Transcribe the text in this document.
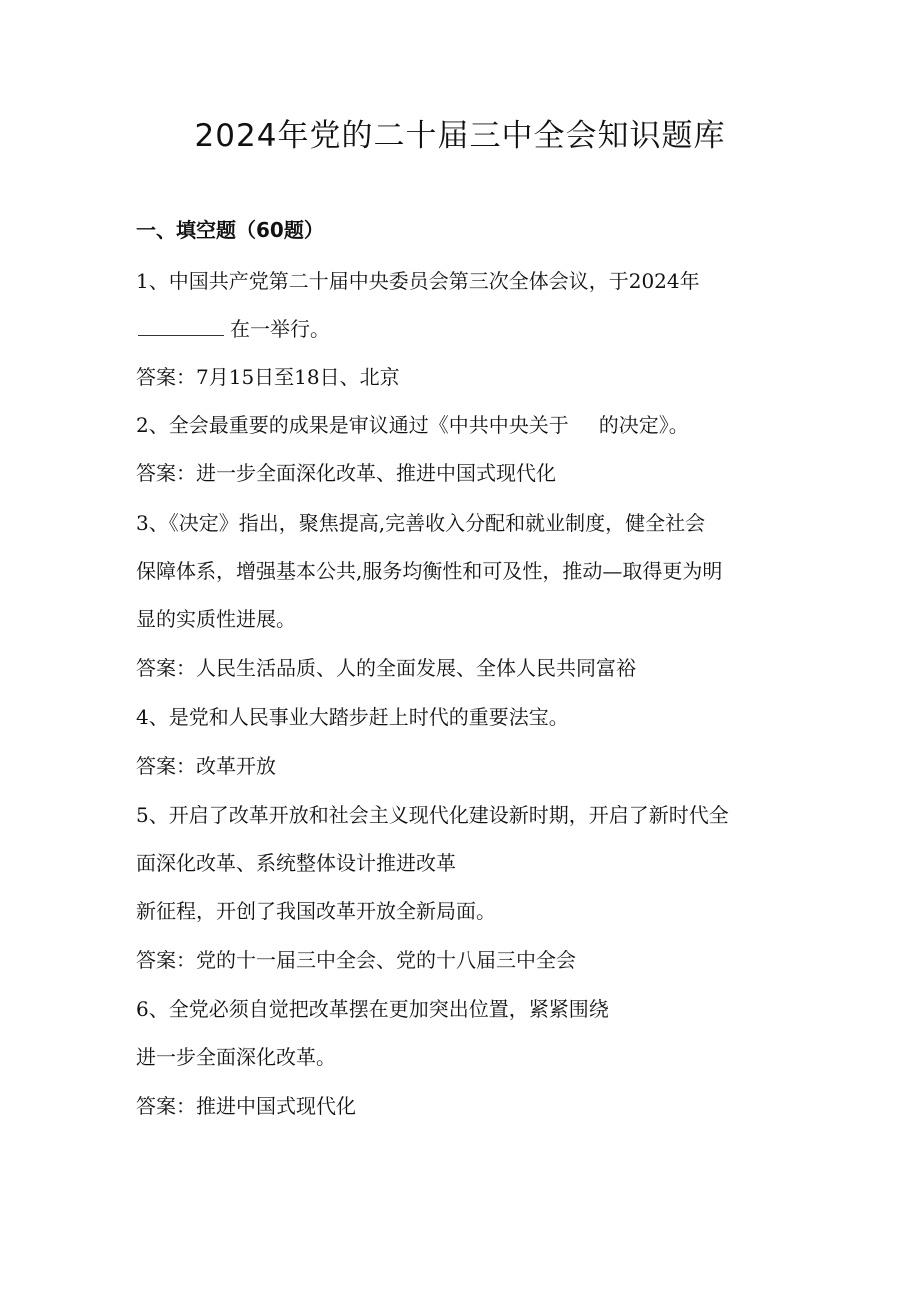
2024年党的二十届三中全会知识题库
一、填空题（60题）

1、中国共产党第二十届中央委员会第三次全体会议，于2024年

在一举行。

答案：7月15日至18日、北京

2、全会最重要的成果是审议通过《中共中央关于 的决定》。

答案：进一步全面深化改革、推进中国式现代化

3、《决定》指出，聚焦提高,完善收入分配和就业制度，健全社会

保障体系，增强基本公共,服务均衡性和可及性，推动—取得更为明

显的实质性进展。

答案：人民生活品质、人的全面发展、全体人民共同富裕

4、是党和人民事业大踏步赶上时代的重要法宝。

答案：改革开放

5、开启了改革开放和社会主义现代化建设新时期，开启了新时代全

面深化改革、系统整体设计推进改革

新征程，开创了我国改革开放全新局面。

答案：党的十一届三中全会、党的十八届三中全会

6、全党必须自觉把改革摆在更加突出位置，紧紧围绕

进一步全面深化改革。

答案：推进中国式现代化
